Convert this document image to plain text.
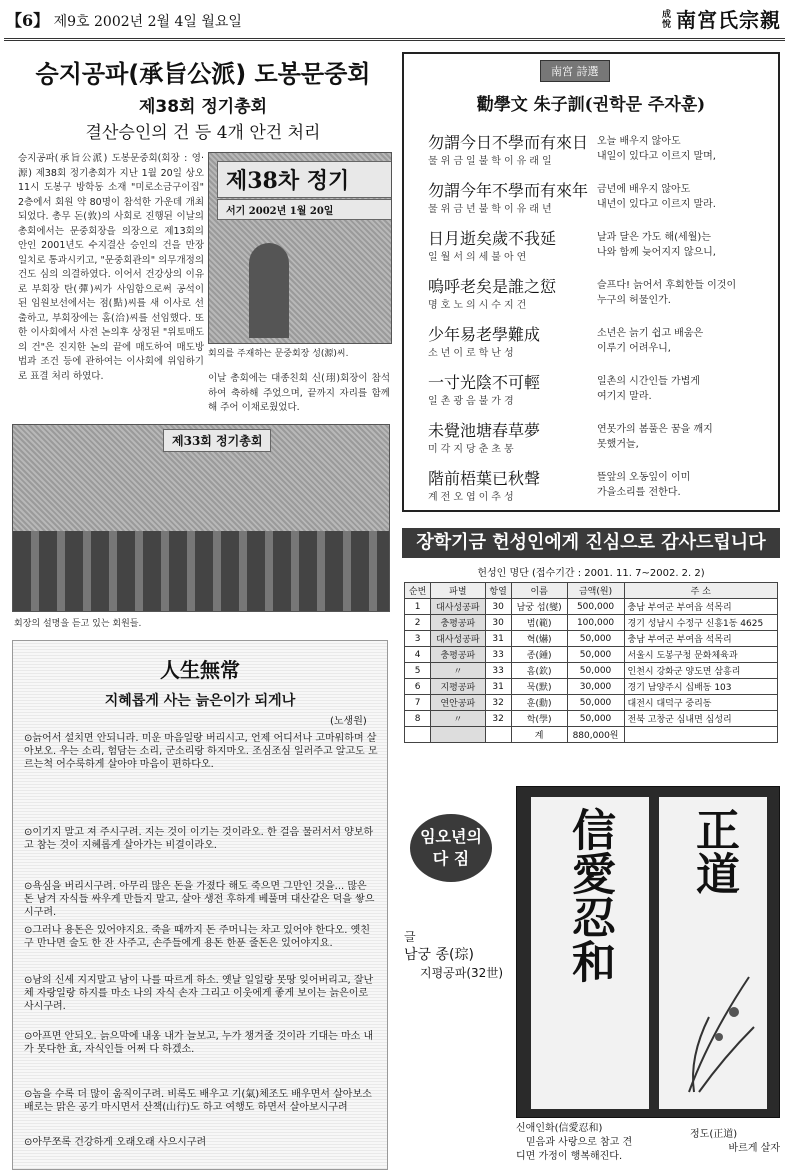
【6】 제9호 2002년 2월 4일 월요일	成悅 南宮氏宗親
승지공파(承旨公派) 도봉문중회
제38회 정기총회
결산승인의 건 등 4개 안건 처리
승지공파(承旨公派) 도봉문중회(회장 : 영·源) 제38회 정기총회가 지난 1월 20일 상오11시 도봉구 방학동 소재 "미로소금구이집" 2층에서 회원 약 80명이 참석한 가운데 개최되었다. 총무 돈(敦)의 사회로 진행된 이날의 총회에서는 문중회장을 의장으로 제13회의안인 2001년도 수지결산 승인의 건을 만장일치로 통과시키고, "문중회관의" 의무개정의 건도 심의 의결하였다. 이어서 건강상의 이유로 부회장 탄(彈)씨가 사임함으로써 공석이 된 임원보선에서는 점(點)씨를 새 이사로 선출하고, 부회장에는 홈(洽)씨를 선임했다. 또한 이사회에서 사전 논의후 상정된 "위토매도의 건"은 진지한 논의 끝에 매도하여 매도방법과 조건 등에 관하여는 이사회에 위임하기로 표결 처리 하였다.
제38차 정기
서기 2002년 1월 20일
회의를 주재하는 문중회장 성(源)씨.
이날 총회에는 대종친회 신(珝)회장이 참석하여 축하해 주었으며, 끝까지 자리를 함께해 주어 이채로웠었다.
제33회 정기총회
회장의 설명을 듣고 있는 회원들.
南宮 詩選
勸學文 朱子訓(권학문 주자훈)
勿謂今日不學而有來日
물위금일불학이유래일
오늘 배우지 않아도
내일이 있다고 이르지 말며,
勿謂今年不學而有來年
물위금년불학이유래년
금년에 배우지 않아도
내년이 있다고 이르지 말라.
日月逝矣歲不我延
일월서의세불아연
날과 달은 가도 해(세월)는
나와 함께 늦어지지 않으니,
嗚呼老矣是誰之愆
명호노의시수지건
슬프다! 늙어서 후회한들 이것이
누구의 허물인가.
少年易老學難成
소년이로학난성
소년은 늙기 쉽고 배움은
이루기 어려우니,
一寸光陰不可輕
일촌광음불가경
일촌의 시간인들 가볍게
여기지 말라.
未覺池塘春草夢
미각지당춘초몽
연못가의 봄풀은 꿈을 깨지
못했거늘,
階前梧葉已秋聲
계전오엽이추성
뜰앞의 오동잎이 이미
가을소리를 전한다.
장학기금 헌성인에게 진심으로 감사드립니다
헌성인 명단 (접수기간 : 2001. 11. 7~2002. 2. 2)
순번	파별	항열	이름	금액(원)	주 소
1	대사성공파	30	남궁 섭(燮)	500,000	충남 부여군 부여읍 석목리
2	충평공파	30	범(範)	100,000	경기 성남시 수정구 신흥1동 4625
3	대사성공파	31	혁(爀)	50,000	충남 부여군 부여읍 석목리
4	충평공파	33	종(鍾)	50,000	서울시 도봉구청 문화체육과
5	〃	33	흠(欽)	50,000	인천시 강화군 양도면 삼흥리
6	지평공파	31	묵(默)	30,000	경기 남양주시 십배동 103
7	연안공파	32	훈(勳)	50,000	대전시 대덕구 중리동
8	〃	32	학(學)	50,000	전북 고창군 심내면 심성리
			계	880,000원	
人生無常
지혜롭게 사는 늙은이가 되게나
(노생원)
⊙늙어서 설치면 안되니라. 미운 마음일랑 버리시고, 언제 어디서나 고마워하며 살아보오. 우는 소리, 험담는 소리, 군소리랑 하지마오. 조심조심 일러주고 알고도 모르는척 어수룩하게 살아야 마음이 편하다오.
⊙이기지 말고 져 주시구려. 지는 것이 이기는 것이라오. 한 걸음 물러서서 양보하고 참는 것이 지혜롭게 살아가는 비결이라오.
⊙욕심을 버리시구려. 아무리 많은 돈을 가졌다 해도 죽으면 그만인 것을... 많은 돈 남겨 자식들 싸우게 만들지 말고, 살아 생전 후하게 베풀며 대산같은 덕을 쌓으시구려.
⊙그러나 용돈은 있어야지요. 죽을 때까지 돈 주머니는 차고 있어야 한다오. 옛친구 만나면 술도 한 잔 사주고, 손주들에게 용돈 한푼 줄돈은 있어야지요.
⊙남의 신세 지지말고 남이 나를 따르게 하소. 옛날 일일랑 못땅 잊어버리고, 잘난체 자랑일랑 하지를 마소 나의 자식 손자 그리고 이웃에게 좋게 보이는 늙은이로 사시구려.
⊙아프면 안되오. 늙으막에 내옹 내가 늘보고, 누가 챙겨줄 것이라 기대는 마소 내가 못다한 효, 자식인들 어쩌 다 하겠소.
⊙놈을 수록 더 많이 움직이구려. 비록도 배우고 기(氣)체조도 배우면서 살아보소 배로는 맑은 공기 마시면서 산책(山行)도 하고 여행도 하면서 살아보시구려
⊙아무쪼록 건강하게 오래오래 사으시구려
임오년의
다 짐
글
남궁 종(琮)
지평공파(32世) 信愛忍和 正道
신애인화(信愛忍和)
믿음과 사랑으로 참고 견
디면 가정이 행복해진다.
정도(正道)
바르게 살자
